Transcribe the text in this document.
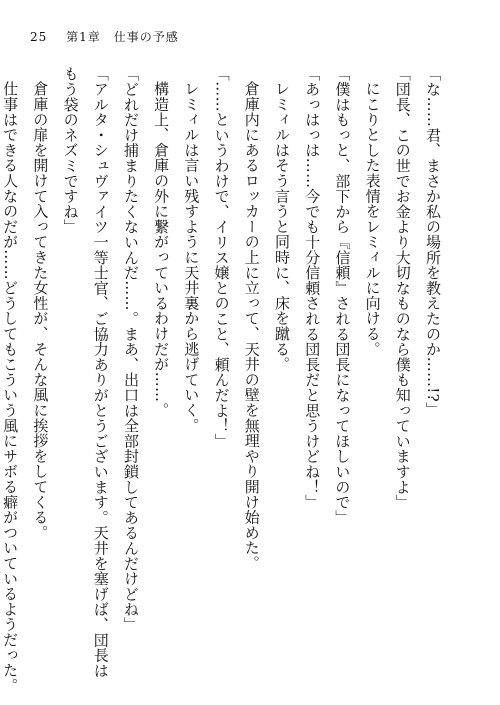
25 第1章　仕事の予感
「な……君、まさか私の場所を教えたのか……!?」
「団長、この世でお金より大切なものなら僕も知っていますよ」
にこりとした表情をレミィルに向ける。
「僕はもっと、部下から『信頼』される団長になってほしいので」
「あっはっは……今でも十分信頼される団長だと思うけどね！」
レミィルはそう言うと同時に、床を蹴る。
倉庫内にあるロッカーの上に立って、天井の壁を無理やり開け始めた。
「……というわけで、イリス嬢とのこと、頼んだよ！」
レミィルは言い残すように天井裏から逃げていく。
構造上、倉庫の外に繋がっているわけだが……。
「どれだけ捕まりたくないんだ……。まあ、出口は全部封鎖してあるんだけどね」
「アルタ・シュヴァイツ一等士官、ご協力ありがとうございます。天井を塞げば、団長は
もう袋のネズミですね」
倉庫の扉を開けて入ってきた女性が、そんな風に挨拶をしてくる。
仕事はできる人なのだが……どうしてもこういう風にサボる癖がついているようだった。
